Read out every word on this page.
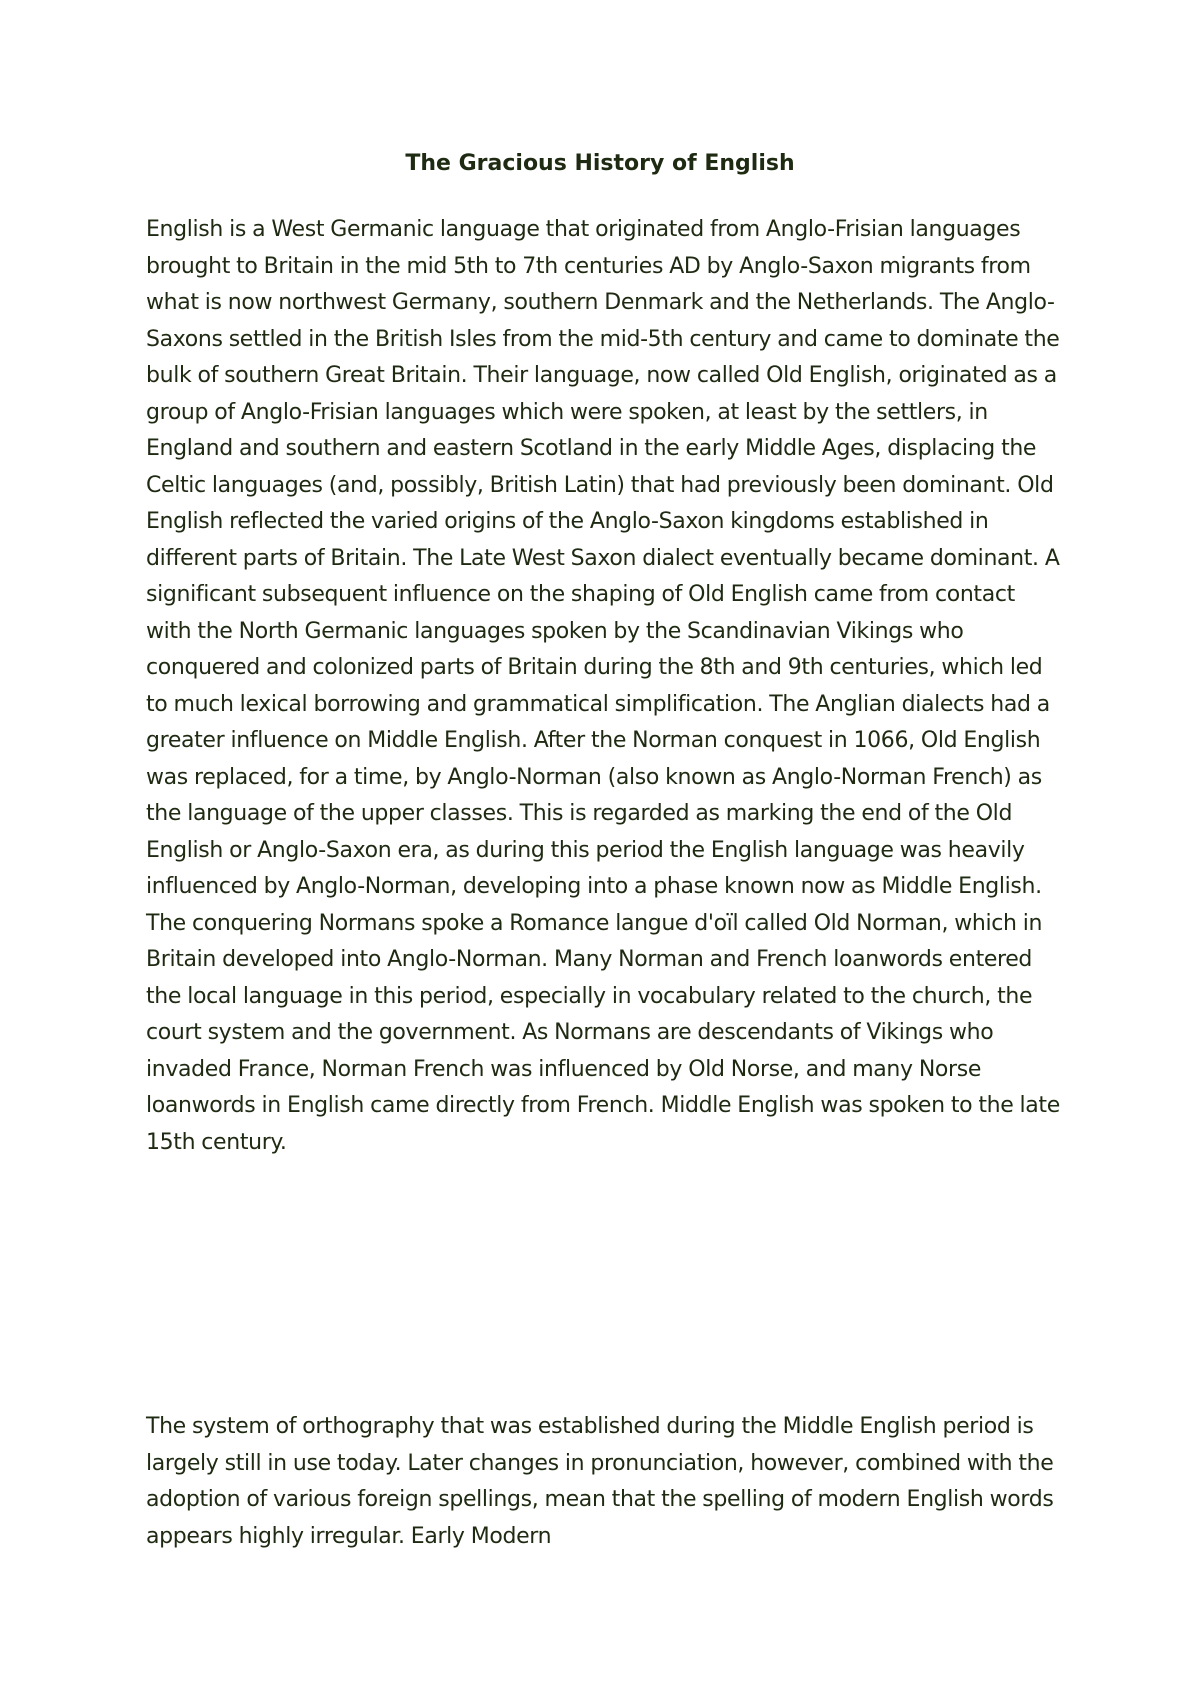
The Gracious History of English

English is a West Germanic language that originated from Anglo-Frisian languages brought to Britain in the mid 5th to 7th centuries AD by Anglo-Saxon migrants from what is now northwest Germany, southern Denmark and the Netherlands. The Anglo-Saxons settled in the British Isles from the mid-5th century and came to dominate the bulk of southern Great Britain. Their language, now called Old English, originated as a group of Anglo-Frisian languages which were spoken, at least by the settlers, in England and southern and eastern Scotland in the early Middle Ages, displacing the Celtic languages (and, possibly, British Latin) that had previously been dominant. Old English reflected the varied origins of the Anglo-Saxon kingdoms established in different parts of Britain. The Late West Saxon dialect eventually became dominant. A significant subsequent influence on the shaping of Old English came from contact with the North Germanic languages spoken by the Scandinavian Vikings who conquered and colonized parts of Britain during the 8th and 9th centuries, which led to much lexical borrowing and grammatical simplification. The Anglian dialects had a greater influence on Middle English. After the Norman conquest in 1066, Old English was replaced, for a time, by Anglo-Norman (also known as Anglo-Norman French) as the language of the upper classes. This is regarded as marking the end of the Old English or Anglo-Saxon era, as during this period the English language was heavily influenced by Anglo-Norman, developing into a phase known now as Middle English. The conquering Normans spoke a Romance langue d'oïl called Old Norman, which in Britain developed into Anglo-Norman. Many Norman and French loanwords entered the local language in this period, especially in vocabulary related to the church, the court system and the government. As Normans are descendants of Vikings who invaded France, Norman French was influenced by Old Norse, and many Norse loanwords in English came directly from French. Middle English was spoken to the late 15th century.

The system of orthography that was established during the Middle English period is largely still in use today. Later changes in pronunciation, however, combined with the adoption of various foreign spellings, mean that the spelling of modern English words appears highly irregular. Early Modern
